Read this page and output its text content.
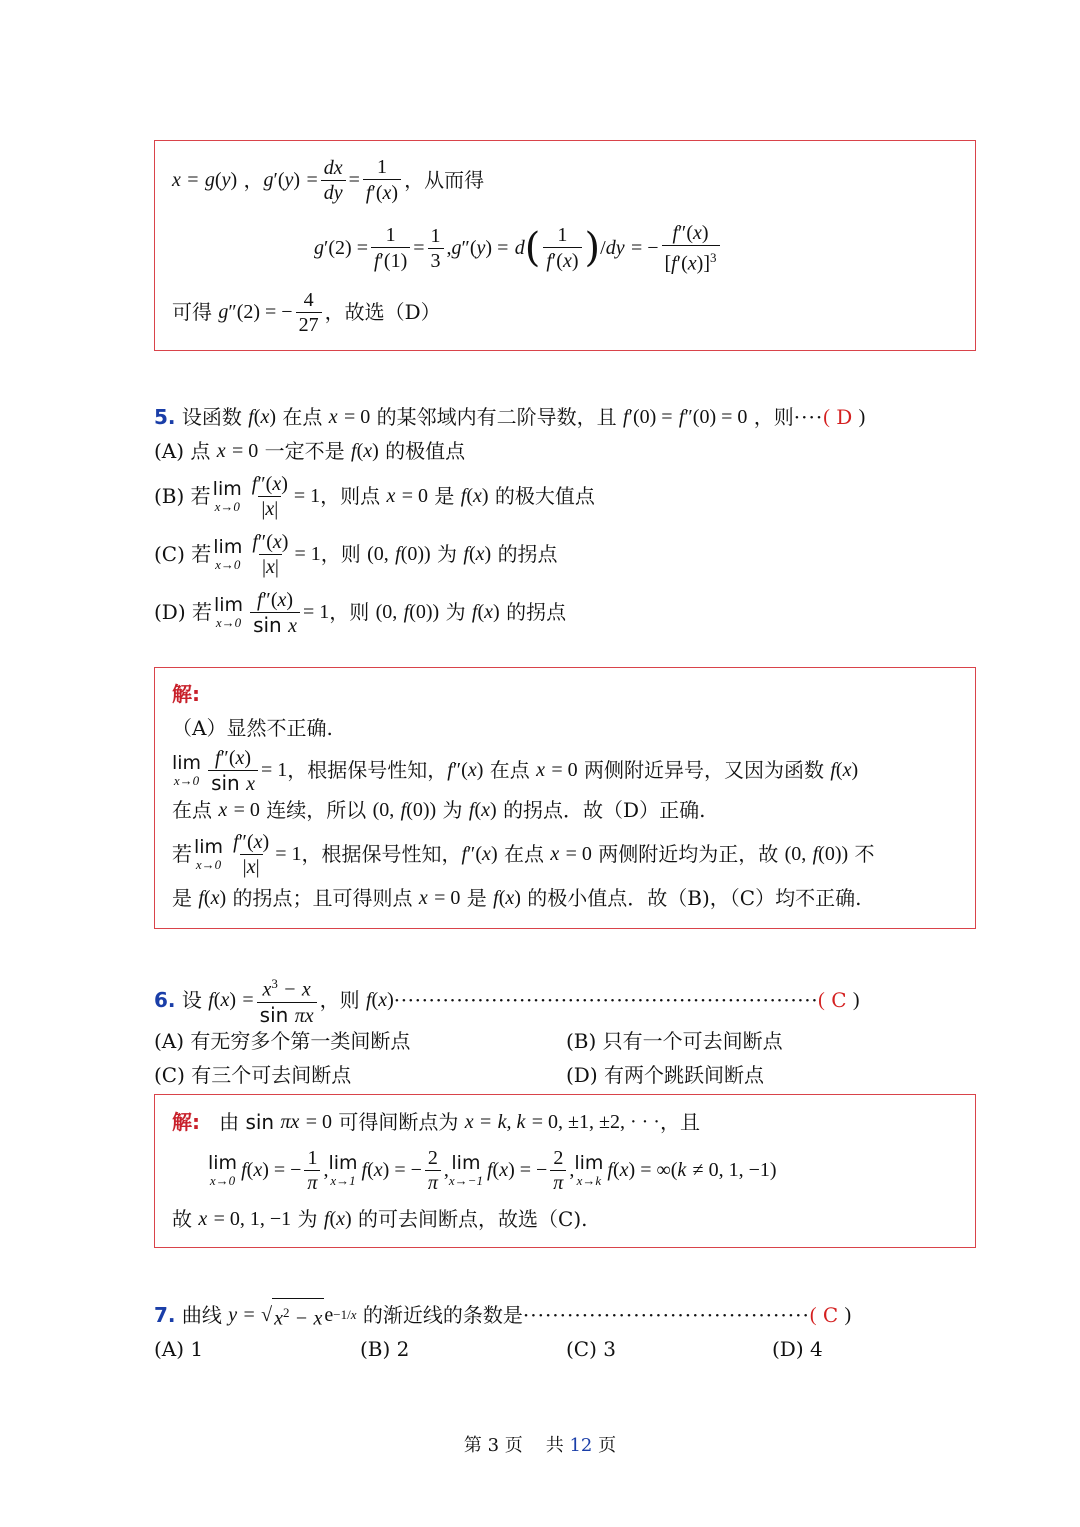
x
=
g ( y ) ， g ′( y )
= $\frac{dx}{dy} = \frac{1}{f'(x)}$ ，从而得
g $'(2) = \frac{1}{f'(1)} = \frac{1}{3}$ , g ″( y ) =
d ( $\frac{1}{f'(x)}$ ) / dy
= − $\frac{f''(x)}{[f'(x)]^3}$
可得
g ″(2) = − $\frac{4}{27}$ ，故选（D）
5.
设函数
f ( x )
在点
x
= 0
的某邻域内有二阶导数，且
f ′(0) =
f ″(0) = 0
，则 ···· (
D
)
(A) 点
x
= 0
一定不是
f ( x )
的极值点
(B) 若 lim
$x\to 0 \frac{f''(x)}{|x|} = 1$ ，则点
x
= 0
是
f ( x )
的极大值点
(C) 若 lim
$x\to 0 \frac{f''(x)}{|x|} = 1$ ，则
(0,
f (0))
为
f ( x )
的拐点
(D) 若 lim
$x\to 0 \frac{f''(x)}{\text{sin x}} = 1$ ，则
(0,
f (0))
为
f ( x )
的拐点
解:
（A）显然不正确.
lim
$x\to 0 \frac{f''(x)}{\text{sin x}} = 1$ ，根据保号性知， f ″( x )
在点
x
= 0
两侧附近异号，又因为函数
f ( x )
在点
x
= 0
连续，所以
(0,
f (0))
为
f ( x )
的拐点．故（D）正确.
若 lim
$x\to 0 \frac{f''(x)}{|x|} = 1$ ，根据保号性知， f ″( x )
在点
x
= 0
两侧附近均为正，故
(0,
f (0))
不
是
f ( x )
的拐点；且可得则点
x
= 0
是
f ( x )
的极小值点．故（B)，（C）均不正确.
6.
设
f ( x )
= $\frac{x^3 - x}{\text{sin πx}}$ ，则
f ( x ) ····························································· (
C
)
(A) 有无穷多个第一类间断点	(B) 只有一个可去间断点
(C) 有三个可去间断点	(D) 有两个跳跃间断点
解:
由
sin
πx
= 0
可得间断点为
x
=
k, k
= 0, ±1, ±2, · · · ，且
lim
x→0 f ( x ) = − $\frac{1}{\pi}$ , lim
x→1 f ( x ) = − $\frac{2}{\pi}$ , lim
x→−1 f ( x ) = − $\frac{2}{\pi}$ , lim
x→k f ( x ) = ∞( k
≠ 0, 1, −1)
故
x
= 0, 1, −1
为
f ( x )
的可去间断点，故选（C).
7.
曲线
y
=
√ $x^2 - x$ e −1/x
的渐近线的条数是 ······································· (
C
)
(A) 1	(B) 2	(C) 3	(D) 4
第 3 页
共
12
页
